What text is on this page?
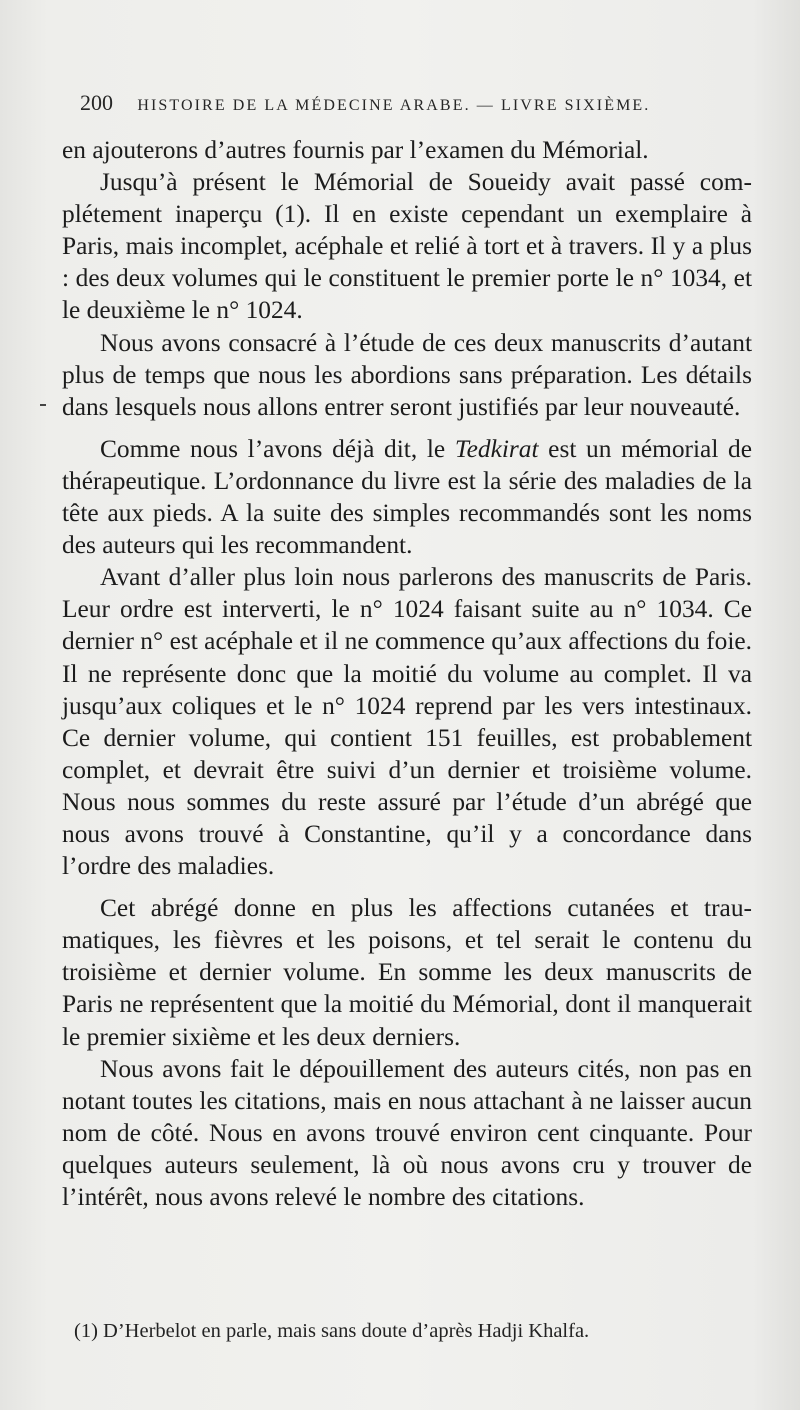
200 HISTOIRE DE LA MÉDECINE ARABE. — LIVRE SIXIÈME.

en ajouterons d’autres fournis par l’examen du Mémorial.

Jusqu’à présent le Mémorial de Soueidy avait passé complétement inaperçu (1). Il en existe cependant un exemplaire à Paris, mais incomplet, acéphale et relié à tort et à travers. Il y a plus : des deux volumes qui le constituent le premier porte le n° 1034, et le deuxième le n° 1024.

Nous avons consacré à l’étude de ces deux manuscrits d’autant plus de temps que nous les abordions sans préparation. Les détails dans lesquels nous allons entrer seront justifiés par leur nouveauté.

Comme nous l’avons déjà dit, le Tedkirat est un mémorial de thérapeutique. L’ordonnance du livre est la série des maladies de la tête aux pieds. A la suite des simples recommandés sont les noms des auteurs qui les recommandent.

Avant d’aller plus loin nous parlerons des manuscrits de Paris. Leur ordre est interverti, le n° 1024 faisant suite au n° 1034. Ce dernier n° est acéphale et il ne commence qu’aux affections du foie. Il ne représente donc que la moitié du volume au complet. Il va jusqu’aux coliques et le n° 1024 reprend par les vers intestinaux. Ce dernier volume, qui contient 151 feuilles, est probablement complet, et devrait être suivi d’un dernier et troisième volume. Nous nous sommes du reste assuré par l’étude d’un abrégé que nous avons trouvé à Constantine, qu’il y a concordance dans l’ordre des maladies.

Cet abrégé donne en plus les affections cutanées et traumatiques, les fièvres et les poisons, et tel serait le contenu du troisième et dernier volume. En somme les deux manuscrits de Paris ne représentent que la moitié du Mémorial, dont il manquerait le premier sixième et les deux derniers.

Nous avons fait le dépouillement des auteurs cités, non pas en notant toutes les citations, mais en nous attachant à ne laisser aucun nom de côté. Nous en avons trouvé environ cent cinquante. Pour quelques auteurs seulement, là où nous avons cru y trouver de l’intérêt, nous avons relevé le nombre des citations.

(1) D’Herbelot en parle, mais sans doute d’après Hadji Khalfa.
